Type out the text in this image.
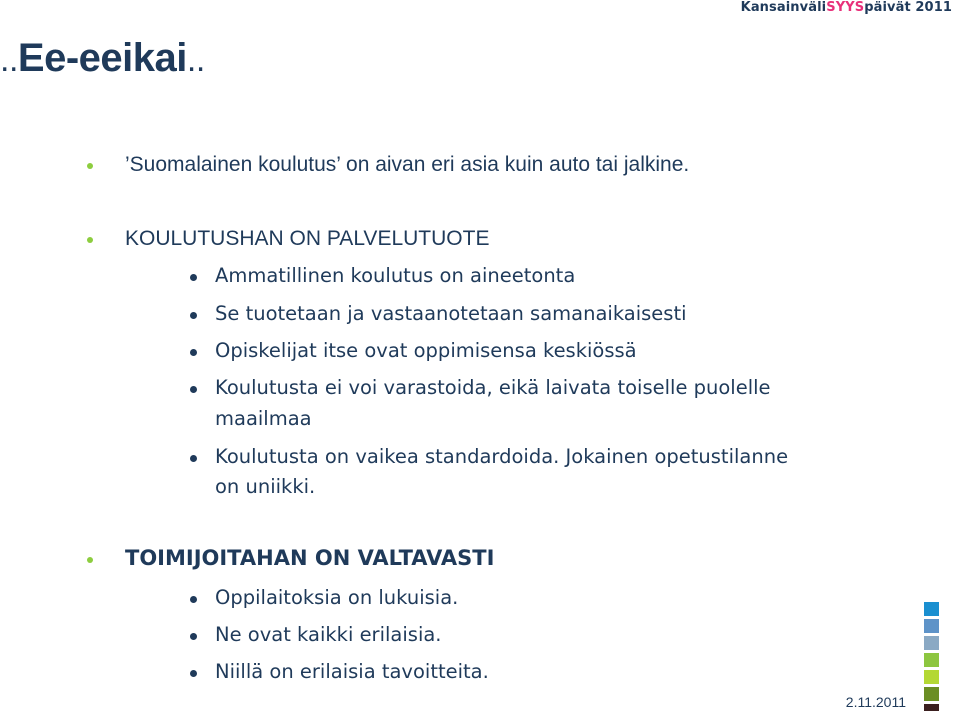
KansainväliSYYSpäivät 2011
..Ee-eeikai..
’Suomalainen koulutus’ on aivan eri asia kuin auto tai jalkine.
KOULUTUSHAN ON PALVELUTUOTE
Ammatillinen koulutus on aineetonta
Se tuotetaan ja vastaanotetaan samanaikaisesti
Opiskelijat itse ovat oppimisensa keskiössä
Koulutusta ei voi varastoida, eikä laivata toiselle puolelle
maailmaa
Koulutusta on vaikea standardoida. Jokainen opetustilanne
on uniikki.
TOIMIJOITAHAN ON VALTAVASTI
Oppilaitoksia on lukuisia.
Ne ovat kaikki erilaisia.
Niillä on erilaisia tavoitteita.
2.11.2011
